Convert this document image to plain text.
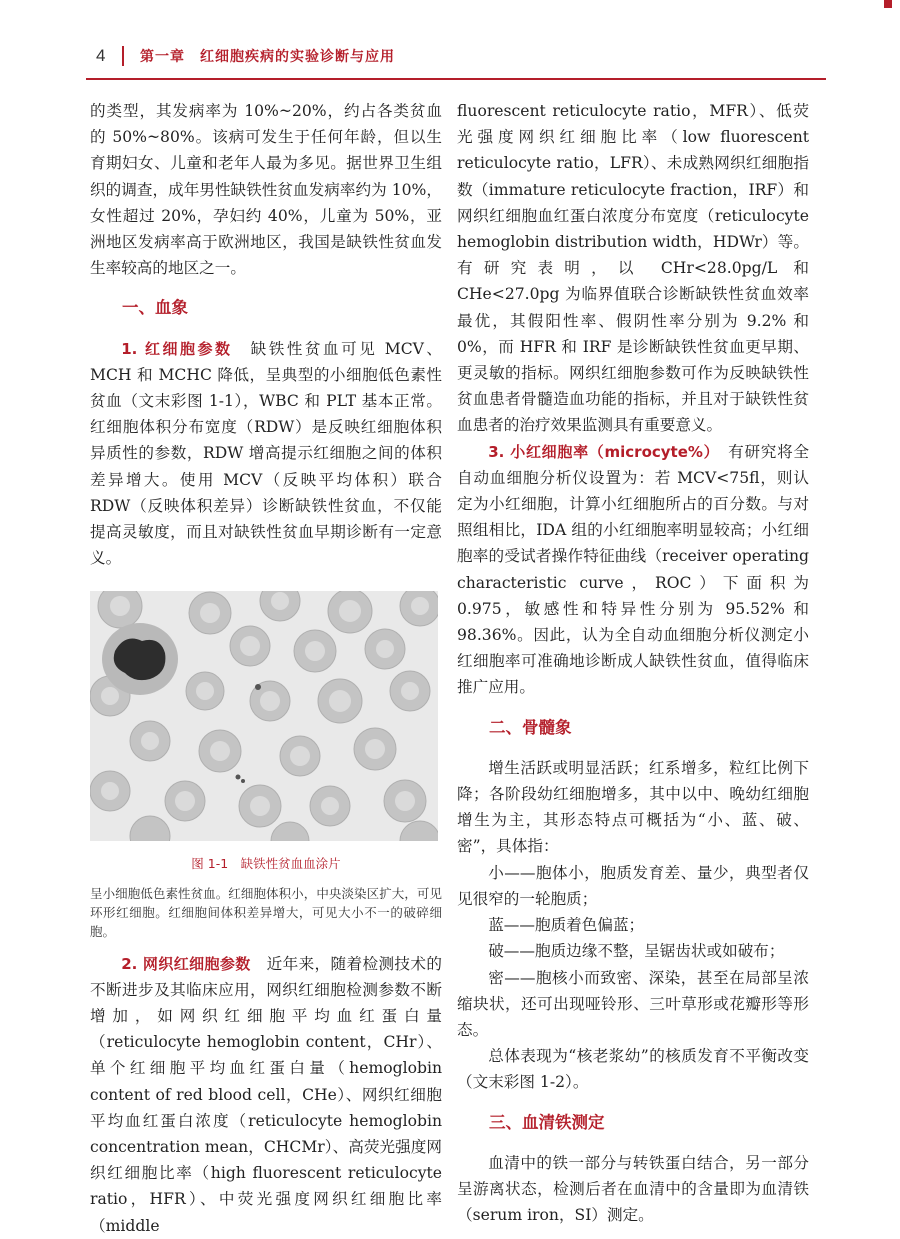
4 第一章　红细胞疾病的实验诊断与应用

的类型，其发病率为 10%~20%，约占各类贫血的 50%~80%。该病可发生于任何年龄，但以生育期妇女、儿童和老年人最为多见。据世界卫生组织的调查，成年男性缺铁性贫血发病率约为 10%，女性超过 20%，孕妇约 40%，儿童为 50%，亚洲地区发病率高于欧洲地区，我国是缺铁性贫血发生率较高的地区之一。

一、血象

1. 红细胞参数　 缺铁性贫血可见 MCV、MCH 和 MCHC 降低，呈典型的小细胞低色素性贫血（文末彩图 1-1），WBC 和 PLT 基本正常。红细胞体积分布宽度（RDW）是反映红细胞体积异质性的参数，RDW 增高提示红细胞之间的体积差异增大。使用 MCV（反映平均体积）联合 RDW（反映体积差异）诊断缺铁性贫血，不仅能提高灵敏度，而且对缺铁性贫血早期诊断有一定意义。

图 1-1　缺铁性贫血血涂片
呈小细胞低色素性贫血。红细胞体积小，中央淡染区扩大，可见环形红细胞。红细胞间体积差异增大，可见大小不一的破碎细胞。

2. 网织红细胞参数　 近年来，随着检测技术的不断进步及其临床应用，网织红细胞检测参数不断增加，如网织红细胞平均血红蛋白量（reticulocyte hemoglobin content，CHr）、单个红细胞平均血红蛋白量（hemoglobin content of red blood cell，CHe）、网织红细胞平均血红蛋白浓度（reticulocyte hemoglobin concentration mean，CHCMr）、高荧光强度网织红细胞比率（high fluorescent reticulocyte ratio，HFR）、中荧光强度网织红细胞比率（middle

fluorescent reticulocyte ratio，MFR）、低荧光强度网织红细胞比率（low fluorescent reticulocyte ratio，LFR）、未成熟网织红细胞指数（immature reticulocyte fraction，IRF）和网织红细胞血红蛋白浓度分布宽度（reticulocyte hemoglobin distribution width，HDWr）等。有研究表明，以 CHr<28.0pg/L 和 CHe<27.0pg 为临界值联合诊断缺铁性贫血效率最优，其假阳性率、假阴性率分别为 9.2% 和 0%，而 HFR 和 IRF 是诊断缺铁性贫血更早期、更灵敏的指标。网织红细胞参数可作为反映缺铁性贫血患者骨髓造血功能的指标，并且对于缺铁性贫血患者的治疗效果监测具有重要意义。

3. 小红细胞率（microcyte%）　 有研究将全自动血细胞分析仪设置为：若 MCV<75fl，则认定为小红细胞，计算小红细胞所占的百分数。与对照组相比，IDA 组的小红细胞率明显较高；小红细胞率的受试者操作特征曲线（receiver operating characteristic curve，ROC）下面积为 0.975，敏感性和特异性分别为 95.52% 和 98.36%。因此，认为全自动血细胞分析仪测定小红细胞率可准确地诊断成人缺铁性贫血，值得临床推广应用。

二、骨髓象

增生活跃或明显活跃；红系增多，粒红比例下降；各阶段幼红细胞增多，其中以中、晚幼红细胞增生为主，其形态特点可概括为“小、蓝、破、密”，具体指：

小——胞体小，胞质发育差、量少，典型者仅见很窄的一轮胞质；

蓝——胞质着色偏蓝；

破——胞质边缘不整，呈锯齿状或如破布；

密——胞核小而致密、深染，甚至在局部呈浓缩块状，还可出现哑铃形、三叶草形或花瓣形等形态。

总体表现为“核老浆幼”的核质发育不平衡改变（文末彩图 1-2）。

三、血清铁测定

血清中的铁一部分与转铁蛋白结合，另一部分呈游离状态，检测后者在血清中的含量即为血清铁（serum iron，SI）测定。
